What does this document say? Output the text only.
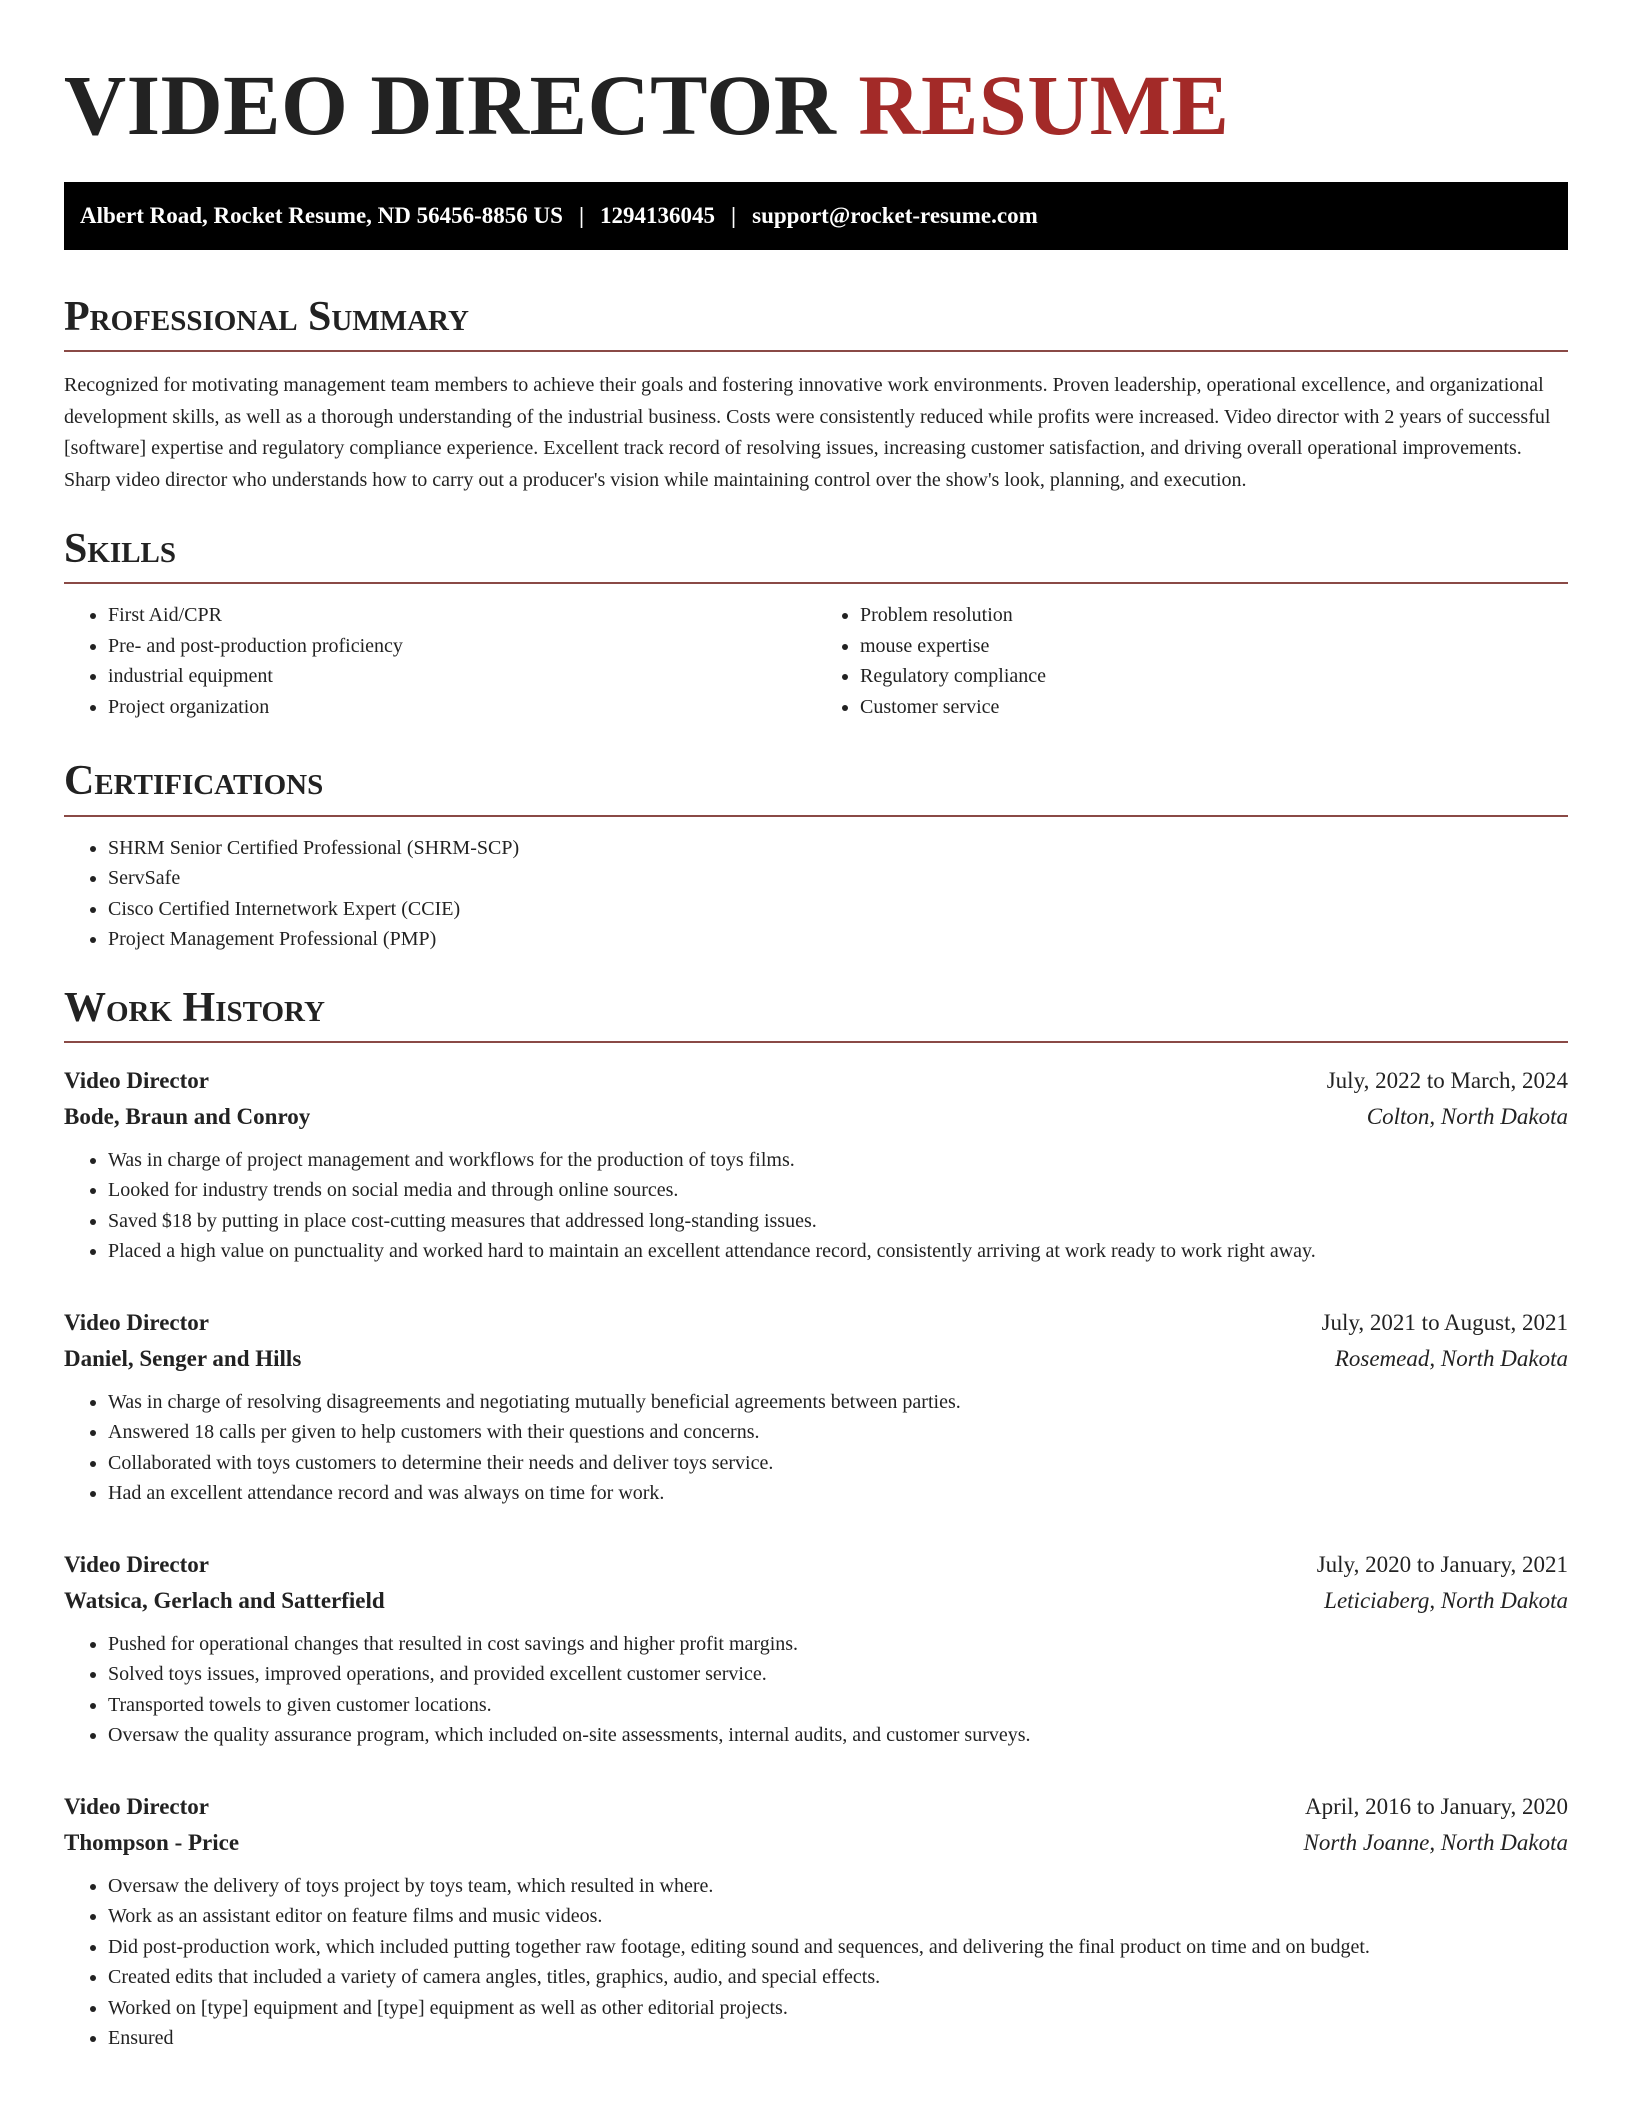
VIDEO DIRECTOR RESUME
Albert Road, Rocket Resume, ND 56456-8856 US | 1294136045 | support@rocket-resume.com
Professional Summary

Recognized for motivating management team members to achieve their goals and fostering innovative work environments. Proven leadership, operational excellence, and organizational development skills, as well as a thorough understanding of the industrial business. Costs were consistently reduced while profits were increased. Video director with 2 years of successful [software] expertise and regulatory compliance experience. Excellent track record of resolving issues, increasing customer satisfaction, and driving overall operational improvements. Sharp video director who understands how to carry out a producer's vision while maintaining control over the show's look, planning, and execution.

Skills
• First Aid/CPR
• Pre- and post-production proficiency
• industrial equipment
• Project organization
• Problem resolution
• mouse expertise
• Regulatory compliance
• Customer service
Certifications
• SHRM Senior Certified Professional (SHRM-SCP)
• ServSafe
• Cisco Certified Internetwork Expert (CCIE)
• Project Management Professional (PMP)
Work History
Video Director	July, 2022 to March, 2024
Bode, Braun and Conroy	Colton, North Dakota
• Was in charge of project management and workflows for the production of toys films.
• Looked for industry trends on social media and through online sources.
• Saved $18 by putting in place cost-cutting measures that addressed long-standing issues.
• Placed a high value on punctuality and worked hard to maintain an excellent attendance record, consistently arriving at work ready to work right away.
Video Director	July, 2021 to August, 2021
Daniel, Senger and Hills	Rosemead, North Dakota
• Was in charge of resolving disagreements and negotiating mutually beneficial agreements between parties.
• Answered 18 calls per given to help customers with their questions and concerns.
• Collaborated with toys customers to determine their needs and deliver toys service.
• Had an excellent attendance record and was always on time for work.
Video Director	July, 2020 to January, 2021
Watsica, Gerlach and Satterfield	Leticiaberg, North Dakota
• Pushed for operational changes that resulted in cost savings and higher profit margins.
• Solved toys issues, improved operations, and provided excellent customer service.
• Transported towels to given customer locations.
• Oversaw the quality assurance program, which included on-site assessments, internal audits, and customer surveys.
Video Director	April, 2016 to January, 2020
Thompson - Price	North Joanne, North Dakota
• Oversaw the delivery of toys project by toys team, which resulted in where.
• Work as an assistant editor on feature films and music videos.
• Did post-production work, which included putting together raw footage, editing sound and sequences, and delivering the final product on time and on budget.
• Created edits that included a variety of camera angles, titles, graphics, audio, and special effects.
• Worked on [type] equipment and [type] equipment as well as other editorial projects.
• Ensured
